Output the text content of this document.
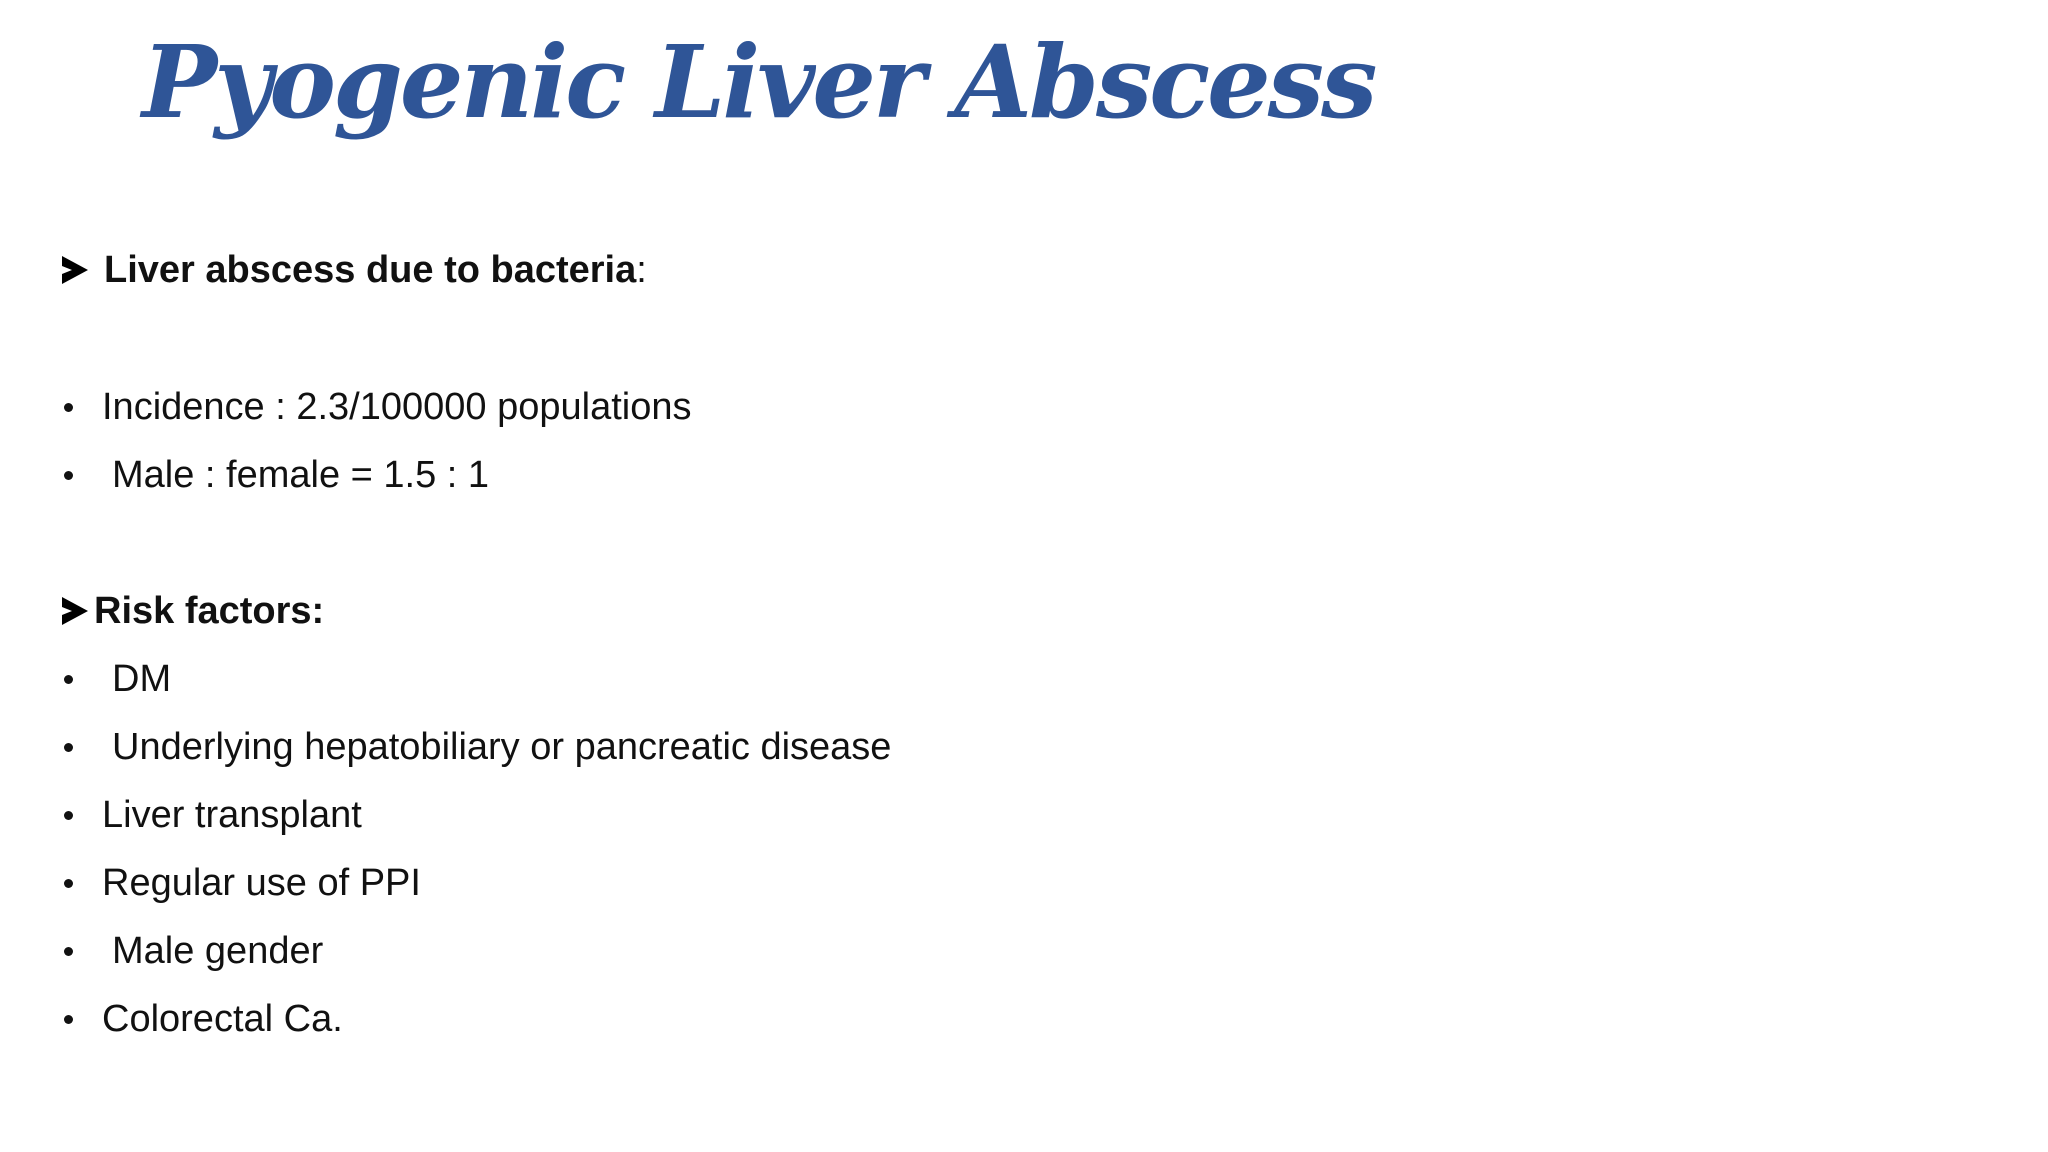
Pyogenic Liver Abscess
Liver abscess due to bacteria :
Incidence : 2.3/100000 populations
Male : female = 1.5 : 1
Risk factors:
DM
Underlying hepatobiliary or pancreatic disease
Liver transplant
Regular use of PPI
Male gender
Colorectal Ca.
